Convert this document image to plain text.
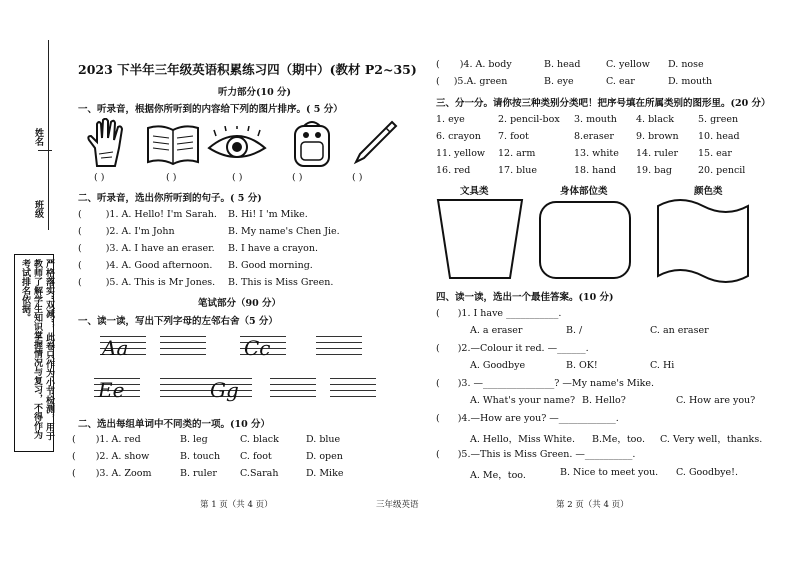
姓名
班级
严格落实“双减”，此卷只作为小节检测，用于教师了解学生知识掌握情况与复习，不得作为考试排名依据。
2023 下半年三年级英语积累练习四（期中）(教材 P2~35)
听力部分(10 分)
一、听录音，根据你所听到的内容给下列的图片排序。( 5 分）
( )	( )	( )	( )	( )
二、听录音，选出你所听到的句子。( 5 分)
(	)1. A. Hello! I'm Sarah. B. Hi! I 'm Mike.
(	)2. A. I'm John	B. My name's Chen Jie.
(	)3. A. I have an eraser. B. I have a crayon.
(	)4. A. Good afternoon. B. Good morning.
(	)5. A. This is Mr Jones. B. This is Miss Green.
笔试部分（90 分）
一、读一读，写出下列字母的左邻右舍（5 分）
Aa	Cc
Ee	Gg
二、选出每组单词中不同类的一项。(10 分）
( )1. A. red	B. leg	C. black	D. blue
( )2. A. show	B. touch C. foot	D. open
( )3. A. Zoom	B. ruler C.Sarah	D. Mike
( )4. A. body	B. head	C. yellow D. nose
( )5.A. green	B. eye	C. ear	D. mouth
三、分一分。请你按三种类别分类吧！把序号填在所属类别的图形里。(20 分）
1. eye	2. pencil-box 3. mouth 4. black	5. green
6. crayon 7. foot	8.eraser 9. brown 10. head
11. yellow 12. arm	13. white 14. ruler 15. ear
16. red	17. blue	18. hand 19. bag	20. pencil
文具类	身体部位类	颜色类
四、读一读，选出一个最佳答案。(10 分)
( )1. I have ___________.
A. a eraser	B. /	C. an eraser
( )2.—Colour it red. —______.
A. Goodbye	B. OK!	C. Hi
( )3. —_______________? —My name's Mike.
A. What's your name? B. Hello?	C. How are you?
( )4.—How are you? —____________.
A. Hello，Miss White. B.Me，too. C. Very well，thanks.
( )5.—This is Miss Green. —__________.
A. Me，too.	B. Nice to meet you. C. Goodbye!.
第 1 页（共 4 页）	三年级英语	第 2 页（共 4 页）
